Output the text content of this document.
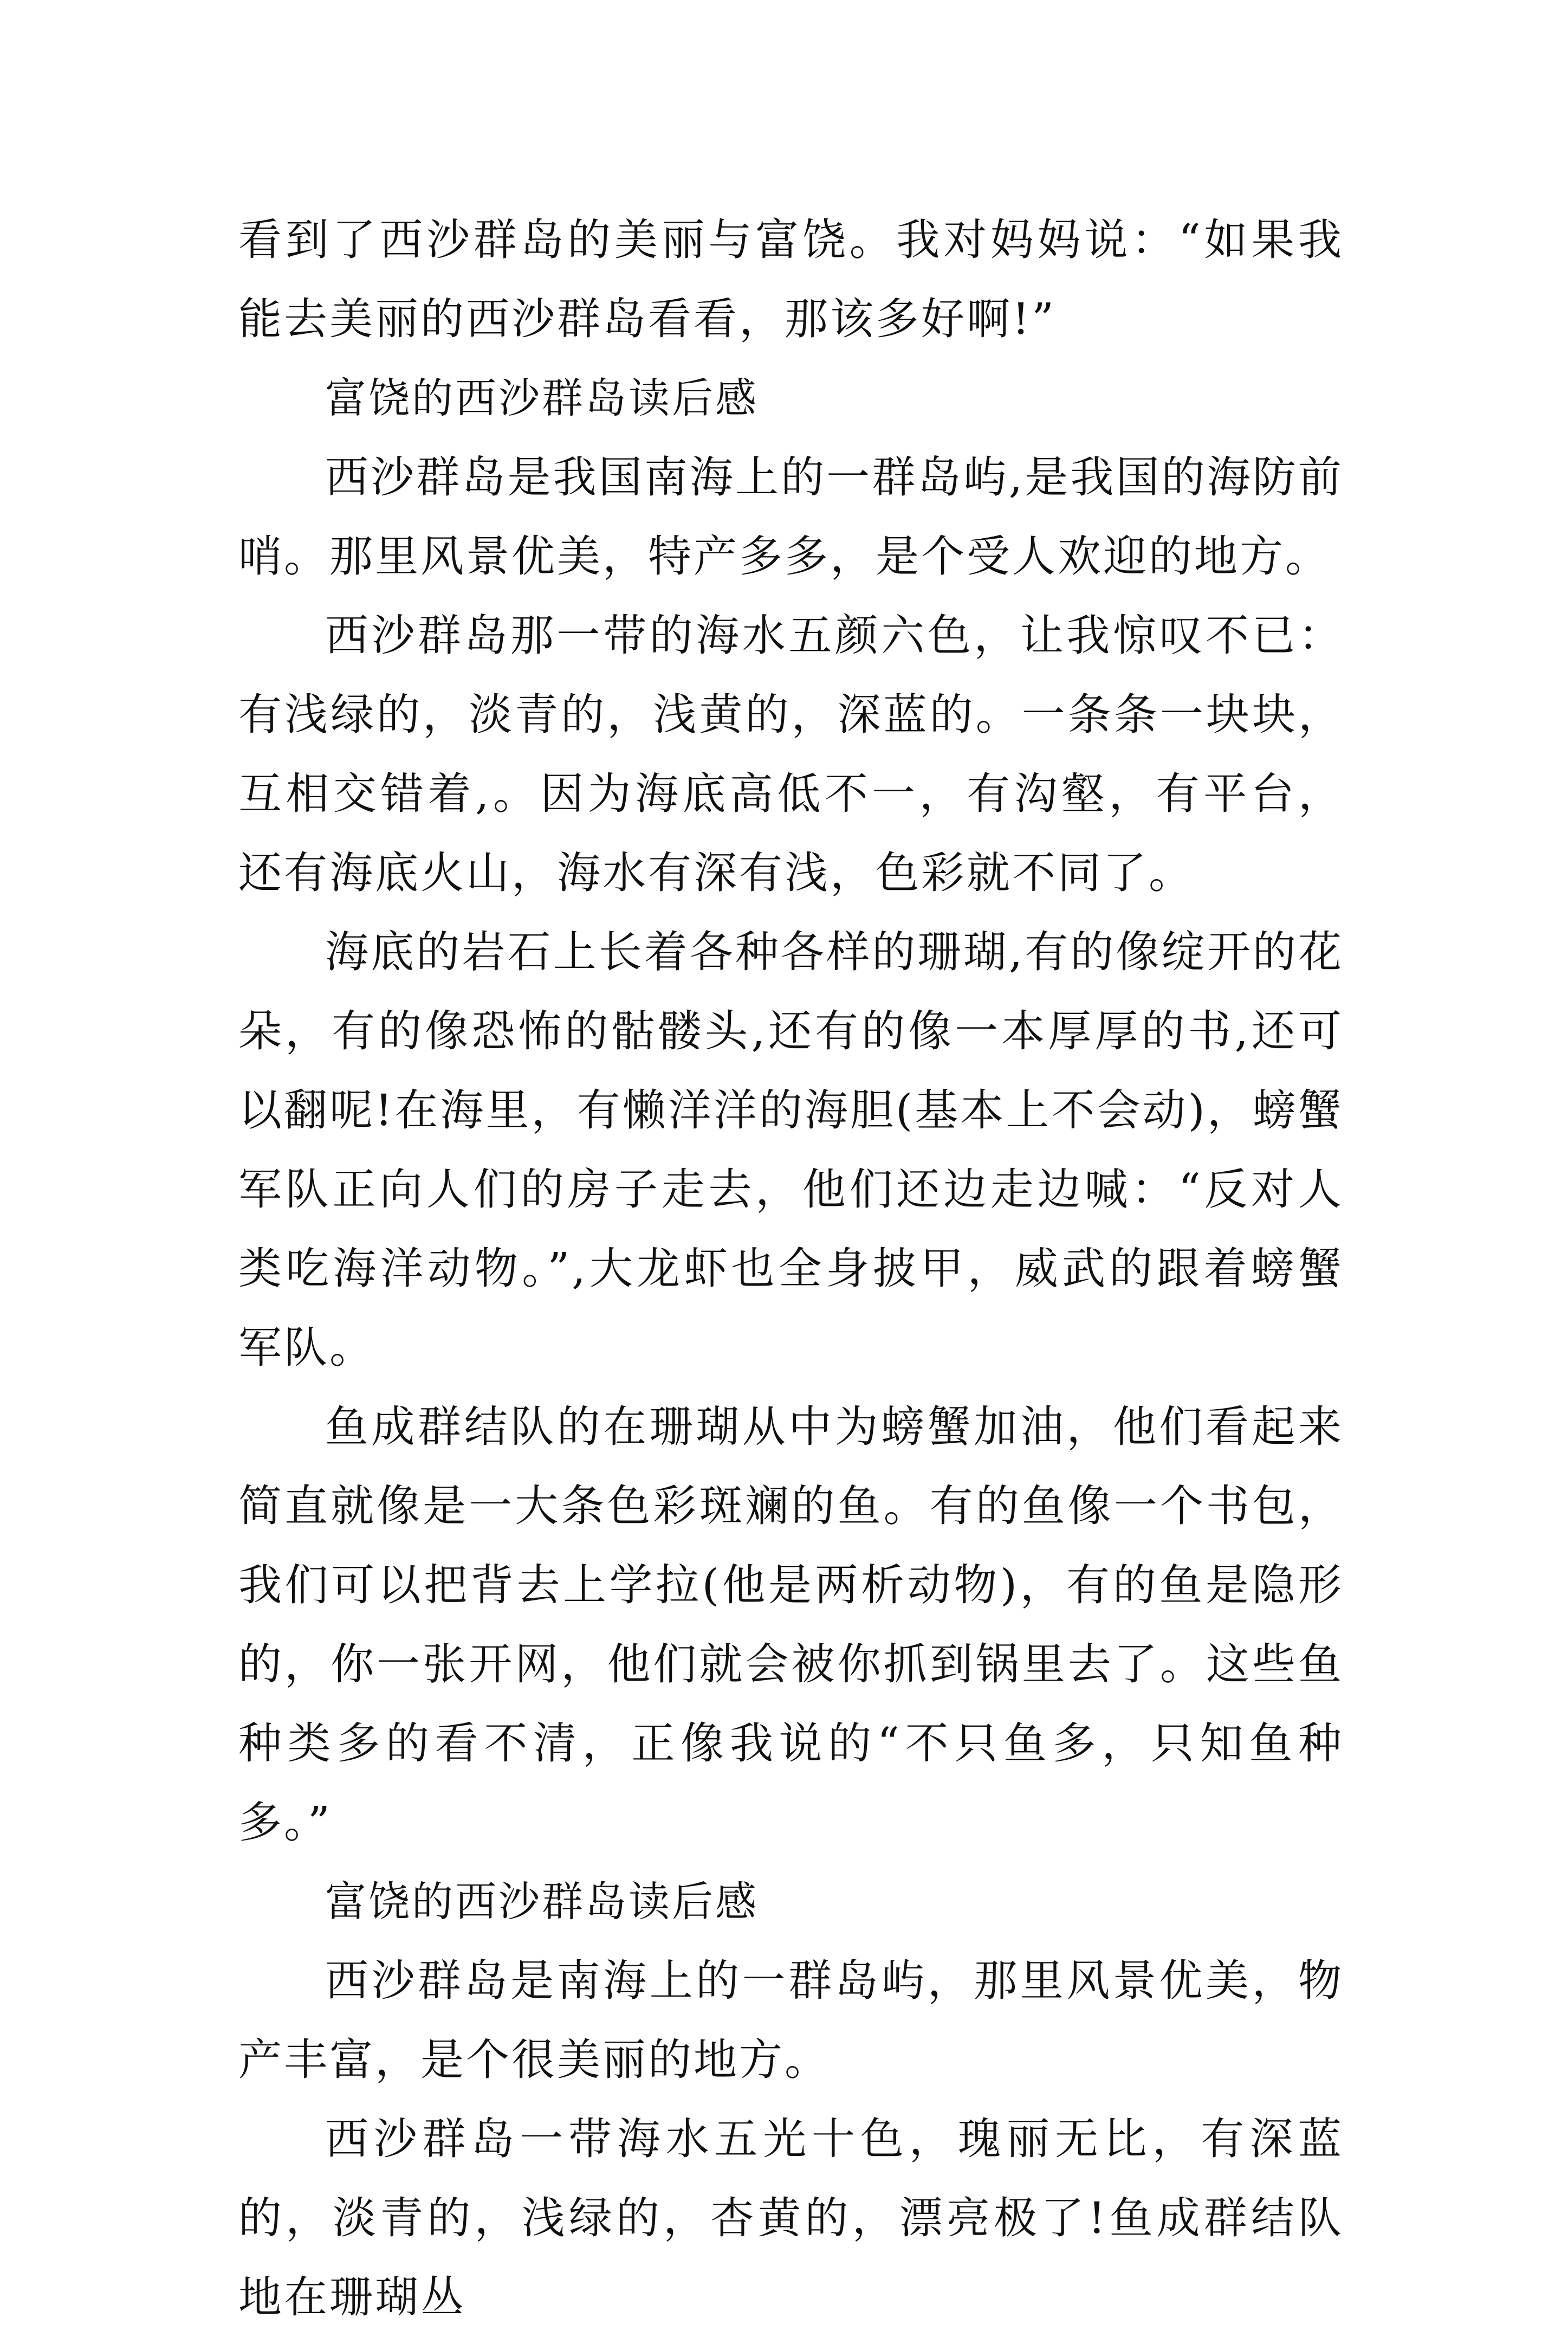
看到了西沙群岛的美丽与富饶。我对妈妈说：“如果我能去美丽的西沙群岛看看，那该多好啊!”

富饶的西沙群岛读后感

西沙群岛是我国南海上的一群岛屿,是我国的海防前哨。那里风景优美，特产多多，是个受人欢迎的地方。

西沙群岛那一带的海水五颜六色，让我惊叹不已：有浅绿的，淡青的，浅黄的，深蓝的。一条条一块块，互相交错着,。因为海底高低不一，有沟壑，有平台，还有海底火山，海水有深有浅，色彩就不同了。

海底的岩石上长着各种各样的珊瑚,有的像绽开的花朵，有的像恐怖的骷髅头,还有的像一本厚厚的书,还可以翻呢!在海里，有懒洋洋的海胆(基本上不会动)，螃蟹军队正向人们的房子走去，他们还边走边喊：“反对人类吃海洋动物。”,大龙虾也全身披甲，威武的跟着螃蟹军队。

鱼成群结队的在珊瑚从中为螃蟹加油，他们看起来简直就像是一大条色彩斑斓的鱼。有的鱼像一个书包，我们可以把背去上学拉(他是两析动物)，有的鱼是隐形的，你一张开网，他们就会被你抓到锅里去了。这些鱼种类多的看不清，正像我说的“不只鱼多，只知鱼种多。”

富饶的西沙群岛读后感

西沙群岛是南海上的一群岛屿，那里风景优美，物产丰富，是个很美丽的地方。

西沙群岛一带海水五光十色，瑰丽无比，有深蓝的，淡青的，浅绿的，杏黄的，漂亮极了!鱼成群结队地在珊瑚丛
